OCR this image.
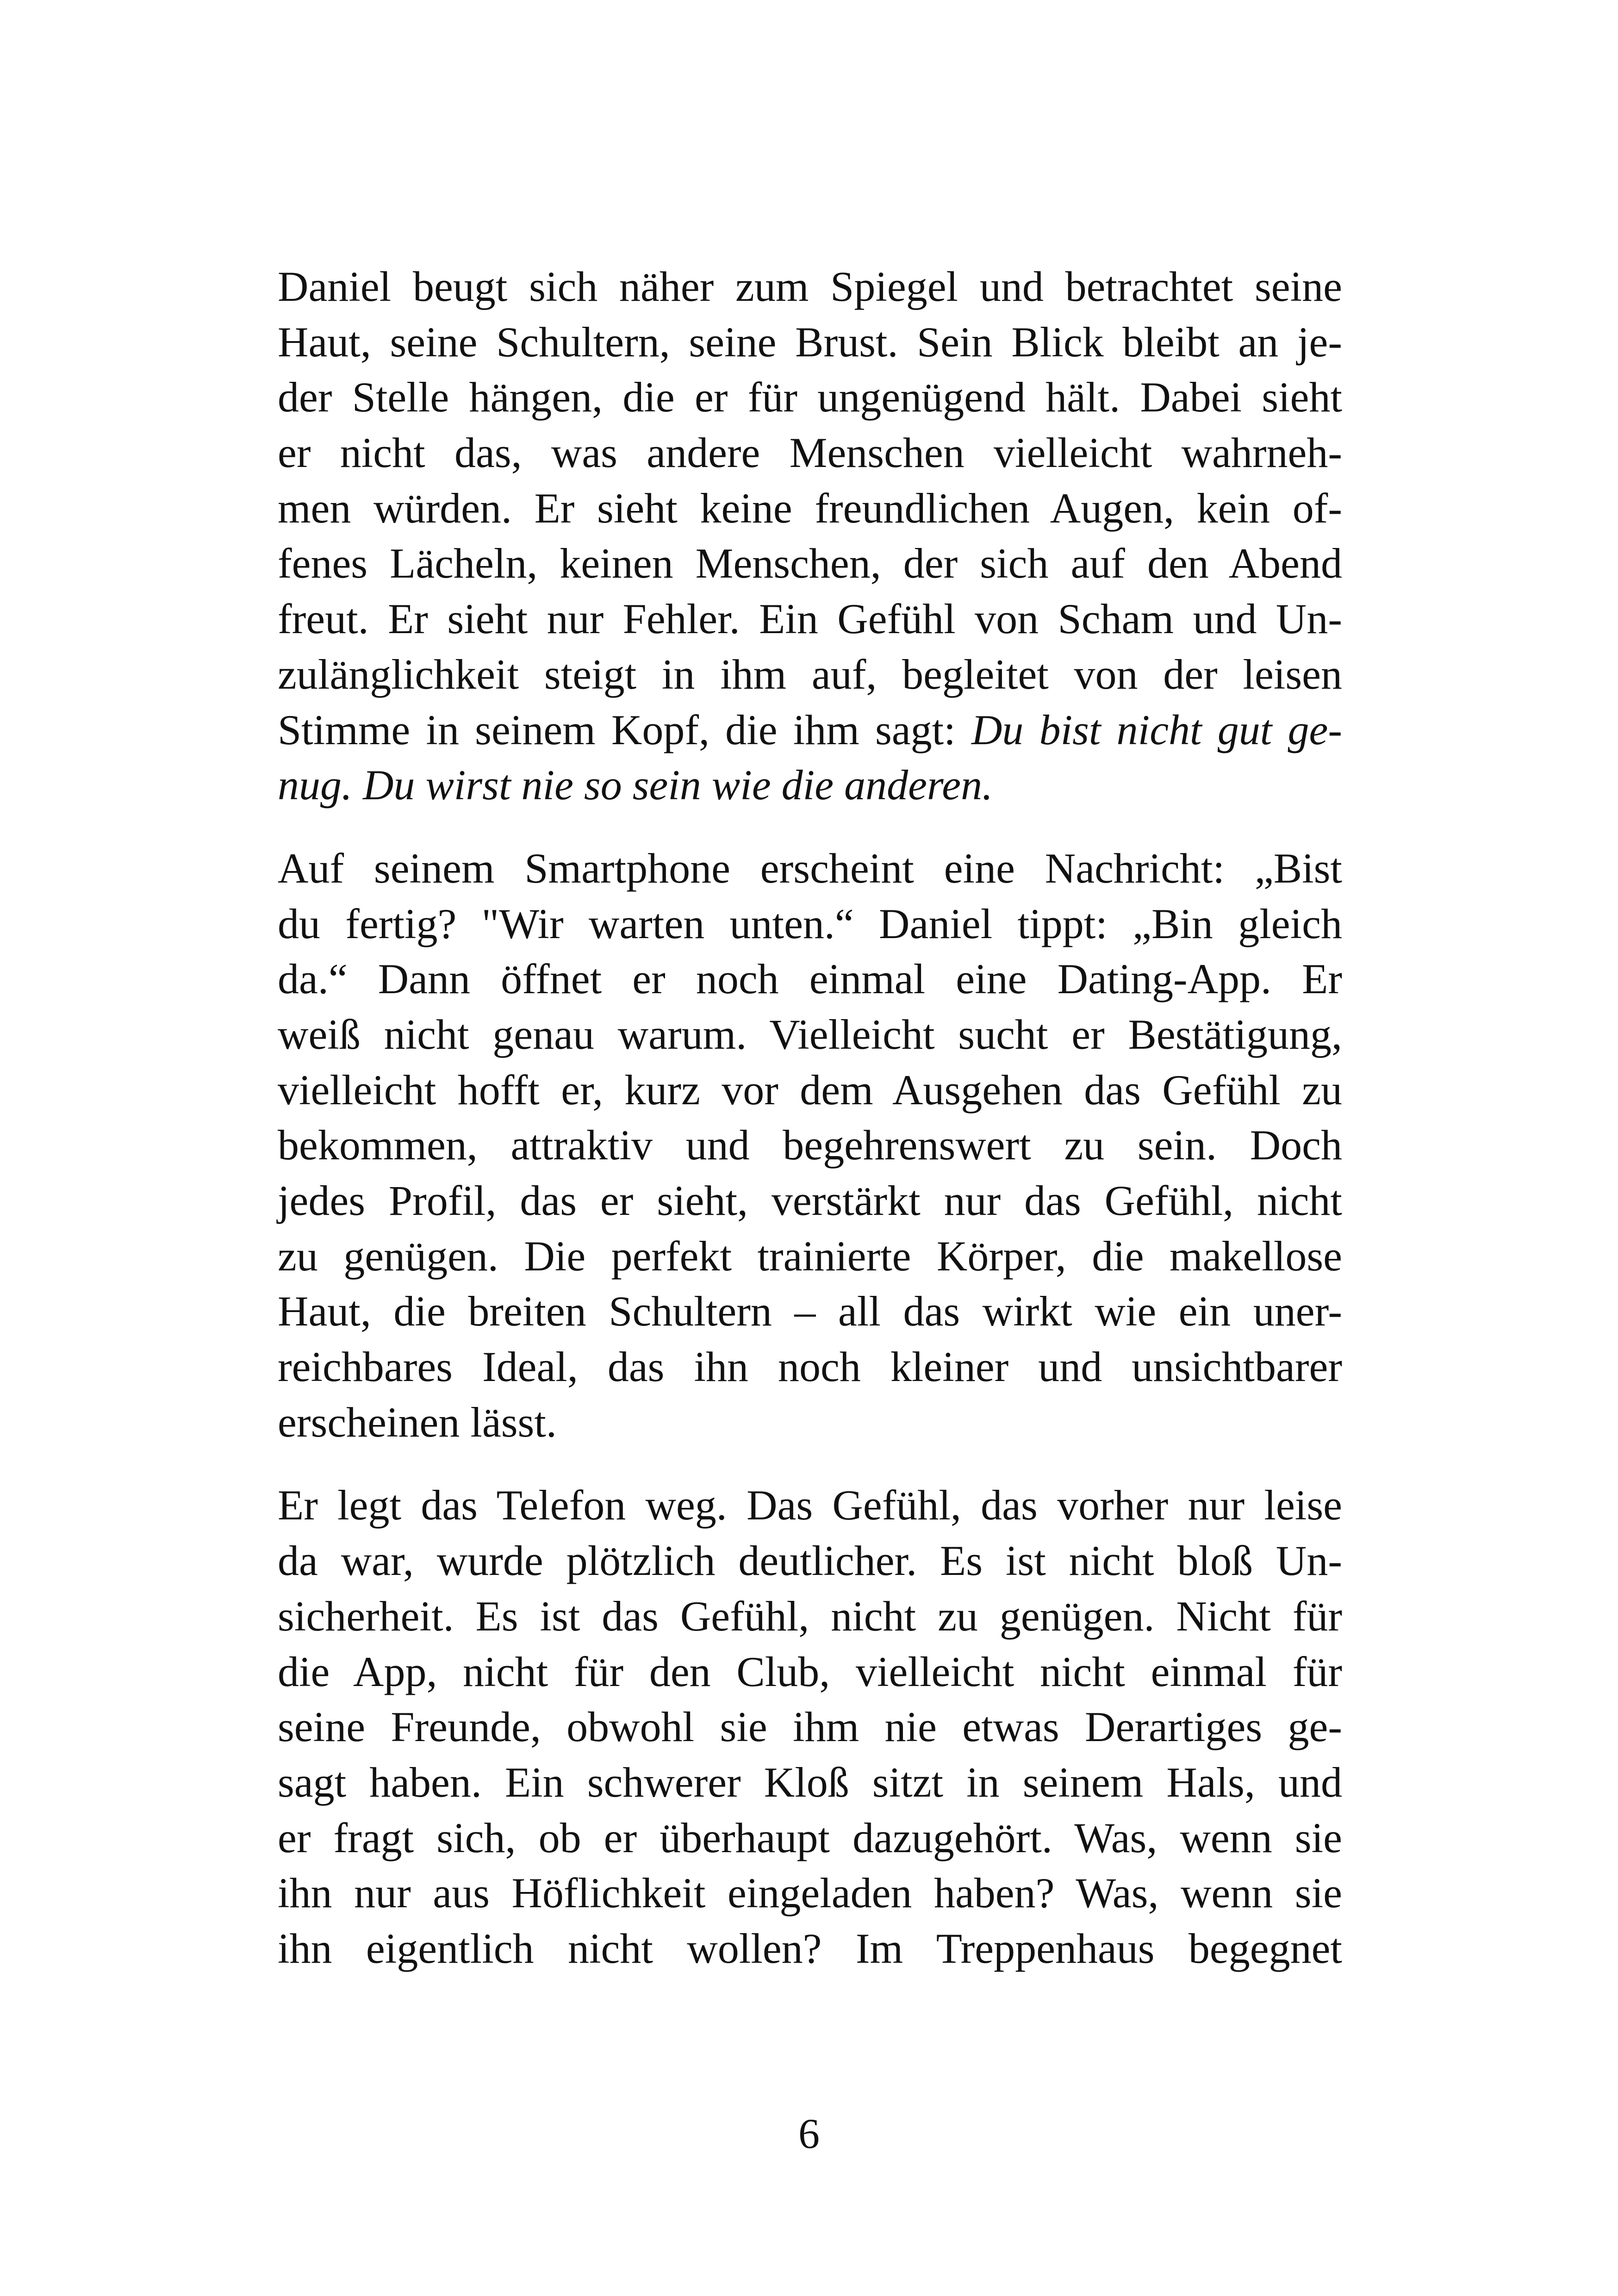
Daniel beugt sich näher zum Spiegel und betrachtet seine
Haut, seine Schultern, seine Brust. Sein Blick bleibt an je-
der Stelle hängen, die er für ungenügend hält. Dabei sieht
er nicht das, was andere Menschen vielleicht wahrneh-
men würden. Er sieht keine freundlichen Augen, kein of-
fenes Lächeln, keinen Menschen, der sich auf den Abend
freut. Er sieht nur Fehler. Ein Gefühl von Scham und Un-
zulänglichkeit steigt in ihm auf, begleitet von der leisen
Stimme in seinem Kopf, die ihm sagt: Du bist nicht gut ge-
nug. Du wirst nie so sein wie die anderen.

Auf seinem Smartphone erscheint eine Nachricht: „Bist
du fertig? "Wir warten unten.“ Daniel tippt: „Bin gleich
da.“ Dann öffnet er noch einmal eine Dating-App. Er
weiß nicht genau warum. Vielleicht sucht er Bestätigung,
vielleicht hofft er, kurz vor dem Ausgehen das Gefühl zu
bekommen, attraktiv und begehrenswert zu sein. Doch
jedes Profil, das er sieht, verstärkt nur das Gefühl, nicht
zu genügen. Die perfekt trainierte Körper, die makellose
Haut, die breiten Schultern – all das wirkt wie ein uner-
reichbares Ideal, das ihn noch kleiner und unsichtbarer
erscheinen lässt.

Er legt das Telefon weg. Das Gefühl, das vorher nur leise
da war, wurde plötzlich deutlicher. Es ist nicht bloß Un-
sicherheit. Es ist das Gefühl, nicht zu genügen. Nicht für
die App, nicht für den Club, vielleicht nicht einmal für
seine Freunde, obwohl sie ihm nie etwas Derartiges ge-
sagt haben. Ein schwerer Kloß sitzt in seinem Hals, und
er fragt sich, ob er überhaupt dazugehört. Was, wenn sie
ihn nur aus Höflichkeit eingeladen haben? Was, wenn sie
ihn eigentlich nicht wollen? Im Treppenhaus begegnet

6
